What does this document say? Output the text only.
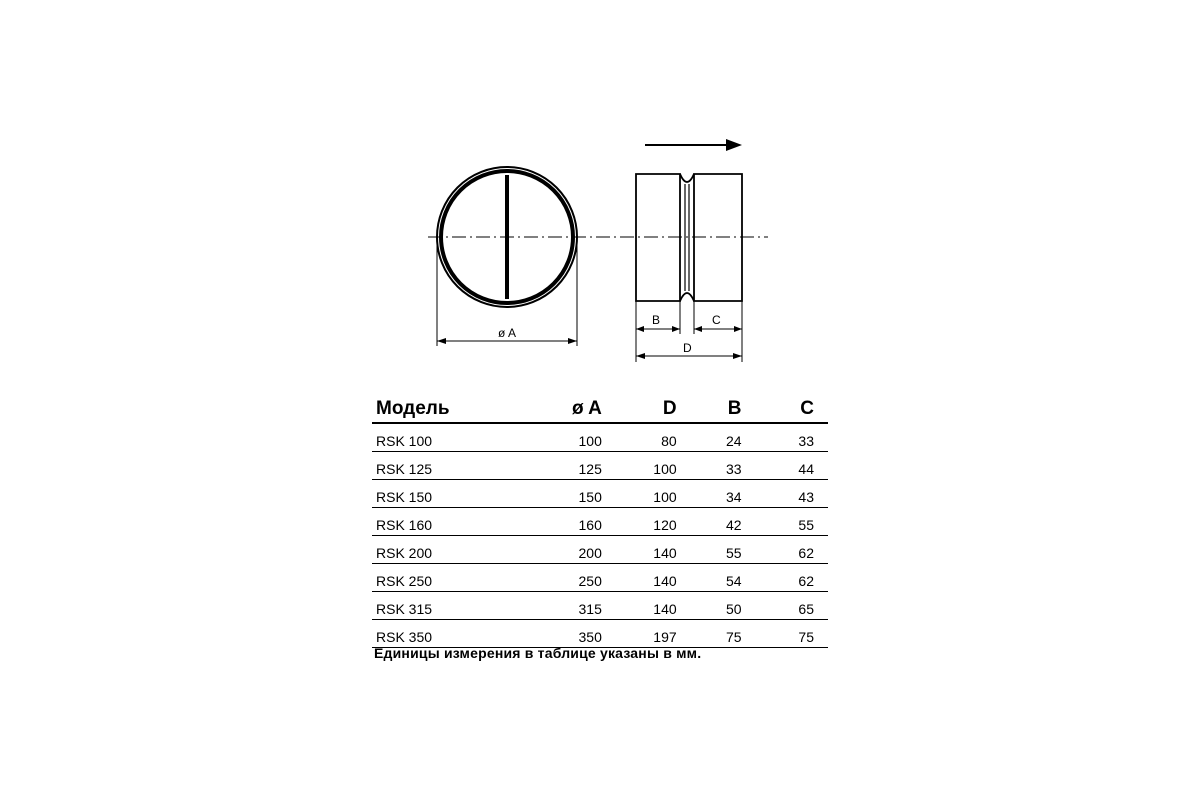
ø A
B	C
D
Модель	ø A	D	B	C
RSK 100	100	80	24	33
RSK 125	125	100	33	44
RSK 150	150	100	34	43
RSK 160	160	120	42	55
RSK 200	200	140	55	62
RSK 250	250	140	54	62
RSK 315	315	140	50	65
RSK 350	350	197	75	75
Единицы измерения в таблице указаны в мм.
